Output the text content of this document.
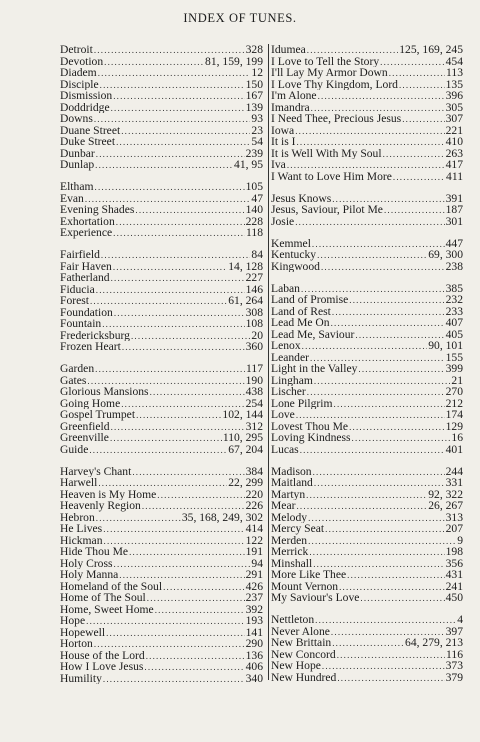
INDEX OF TUNES.
Detroit .....	328
Devotion .....	81, 159, 199
Diadem .....	12
Disciple .....	150
Dismission .....	167
Doddridge .....	139
Downs .....	93
Duane Street .....	23
Duke Street .....	54
Dunbar .....	239
Dunlap .....	41, 95
Eltham .....	105
Evan .....	47
Evening Shades .....	140
Exhortation .....	228
Experience .....	118
Fairfield .....	84
Fair Haven .....	14, 128
Fatherland .....	227
Fiducia .....	146
Forest .....	61, 264
Foundation .....	308
Fountain .....	108
Fredericksburg .....	20
Frozen Heart .....	360
Garden .....	117
Gates .....	190
Glorious Mansions .....	438
Going Home .....	254
Gospel Trumpet .....	102, 144
Greenfield .....	312
Greenville .....	110, 295
Guide .....	67, 204
Harvey's Chant .....	384
Harwell .....	22, 299
Heaven is My Home .....	220
Heavenly Region .....	226
Hebron .....	35, 168, 249, 302
He Lives .....	414
Hickman .....	122
Hide Thou Me .....	191
Holy Cross .....	94
Holy Manna .....	291
Homeland of the Soul .....	426
Home of The Soul .....	237
Home, Sweet Home .....	392
Hope .....	193
Hopewell .....	141
Horton .....	290
House of the Lord .....	136
How I Love Jesus .....	406
Humility .....	340
Idumea .....	125, 169, 245
I Love to Tell the Story .....	454
I'll Lay My Armor Down .....	113
I Love Thy Kingdom, Lord .....	135
I'm Alone .....	396
Imandra .....	305
I Need Thee, Precious Jesus .....	307
Iowa .....	221
It is I .....	410
It is Well With My Soul .....	263
Iva .....	417
I Want to Love Him More .....	411
Jesus Knows .....	391
Jesus, Saviour, Pilot Me .....	187
Josie .....	301
Kemmel .....	447
Kentucky .....	69, 300
Kingwood .....	238
Laban .....	385
Land of Promise .....	232
Land of Rest .....	233
Lead Me On .....	407
Lead Me, Saviour .....	405
Lenox .....	90, 101
Leander .....	155
Light in the Valley .....	399
Lingham .....	21
Lischer .....	270
Lone Pilgrim .....	212
Love .....	174
Lovest Thou Me .....	129
Loving Kindness .....	16
Lucas .....	401
Madison .....	244
Maitland .....	331
Martyn .....	92, 322
Mear .....	26, 267
Melody .....	313
Mercy Seat .....	207
Merden .....	9
Merrick .....	198
Minshall .....	356
More Like Thee .....	431
Mount Vernon .....	241
My Saviour's Love .....	450
Nettleton .....	4
Never Alone .....	397
New Brittain .....	64, 279, 213
New Concord .....	116
New Hope .....	373
New Hundred .....	379
